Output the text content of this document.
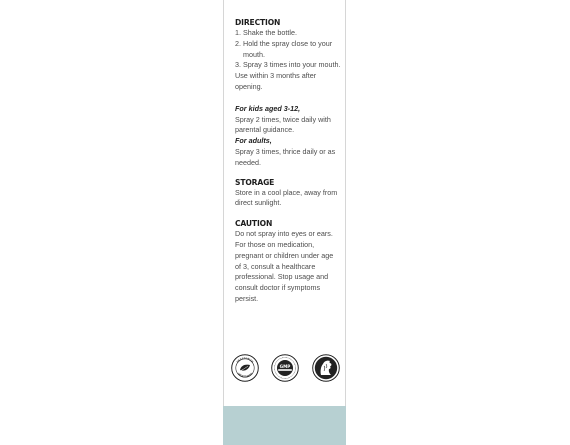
DIRECTION

1. Shake the bottle.
2. Hold the spray close to your mouth.
3. Spray 3 times into your mouth.
Use within 3 months after opening.
For kids aged 3-12,
Spray 2 times, twice daily with parental guidance.
For adults,
Spray 3 times, thrice daily or as needed.

STORAGE

Store in a cool place, away from direct sunlight.

CAUTION

Do not spray into eyes or ears. For those on medication, pregnant or children under age of 3, consult a healthcare professional. Stop usage and consult doctor if symptoms persist.
VEGETARIAN
VEGETARIAN
GMP
